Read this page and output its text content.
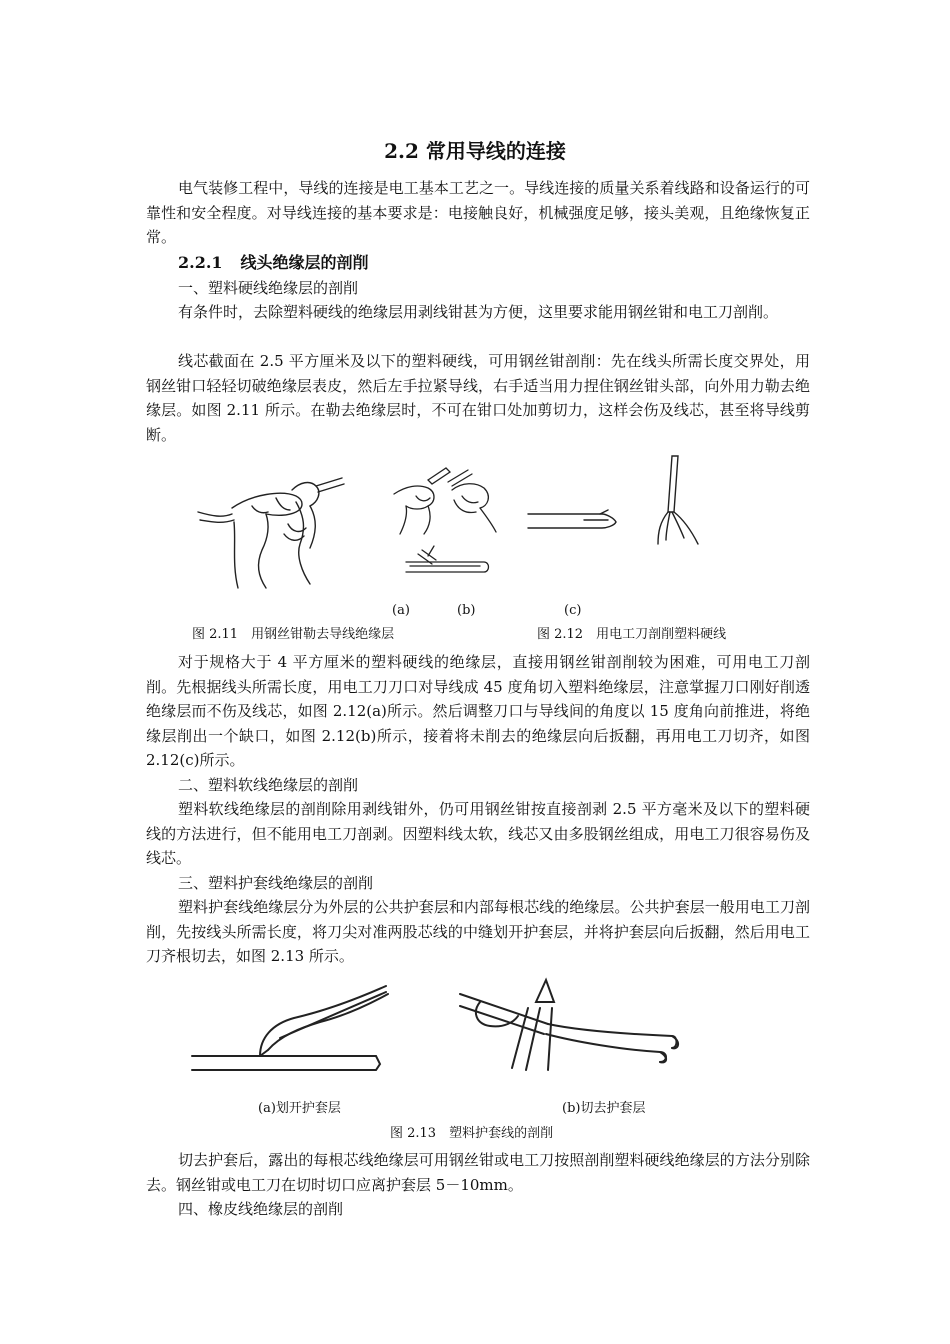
2.2 常用导线的连接

电气装修工程中，导线的连接是电工基本工艺之一。导线连接的质量关系着线路和设备运行的可靠性和安全程度。对导线连接的基本要求是：电接触良好，机械强度足够，接头美观，且绝缘恢复正常。

2.2.1 线头绝缘层的剖削
一、塑料硬线绝缘层的剖削

有条件时，去除塑料硬线的绝缘层用剥线钳甚为方便，这里要求能用钢丝钳和电工刀剖削。

线芯截面在 2.5 平方厘米及以下的塑料硬线，可用钢丝钳剖削：先在线头所需长度交界处，用钢丝钳口轻轻切破绝缘层表皮，然后左手拉紧导线，右手适当用力捏住钢丝钳头部，向外用力勒去绝缘层。如图 2.11 所示。在勒去绝缘层时，不可在钳口处加剪切力，这样会伤及线芯，甚至将导线剪断。

(a)	(b)	(c)
图 2.11　用钢丝钳勒去导线绝缘层	图 2.12　用电工刀剖削塑料硬线

对于规格大于 4 平方厘米的塑料硬线的绝缘层，直接用钢丝钳剖削较为困难，可用电工刀剖削。先根据线头所需长度，用电工刀刀口对导线成 45 度角切入塑料绝缘层，注意掌握刀口刚好削透绝缘层而不伤及线芯，如图 2.12(a)所示。然后调整刀口与导线间的角度以 15 度角向前推进，将绝缘层削出一个缺口，如图 2.12(b)所示，接着将未削去的绝缘层向后扳翻，再用电工刀切齐，如图 2.12(c)所示。

二、塑料软线绝缘层的剖削

塑料软线绝缘层的剖削除用剥线钳外，仍可用钢丝钳按直接剖剥 2.5 平方毫米及以下的塑料硬线的方法进行，但不能用电工刀剖剥。因塑料线太软，线芯又由多股钢丝组成，用电工刀很容易伤及线芯。

三、塑料护套线绝缘层的剖削

塑料护套线绝缘层分为外层的公共护套层和内部每根芯线的绝缘层。公共护套层一般用电工刀剖削，先按线头所需长度，将刀尖对准两股芯线的中缝划开护套层，并将护套层向后扳翻，然后用电工刀齐根切去，如图 2.13 所示。

(a)划开护套层	(b)切去护套层
图 2.13　塑料护套线的剖削

切去护套后，露出的每根芯线绝缘层可用钢丝钳或电工刀按照剖削塑料硬线绝缘层的方法分别除去。钢丝钳或电工刀在切时切口应离护套层 5－10mm。

四、橡皮线绝缘层的剖削
